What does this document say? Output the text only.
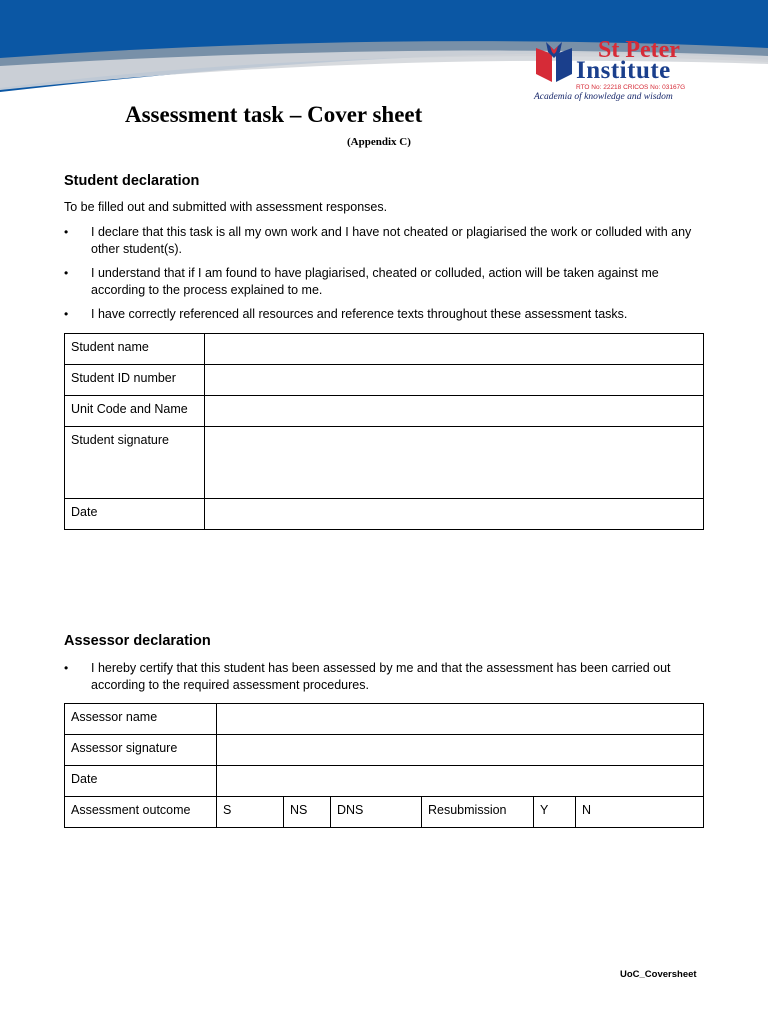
St Peter
Institute
RTO No: 22218 CRICOS No: 03167G
Academia of knowledge and wisdom
Assessment task – Cover sheet
(Appendix C)
Student declaration
To be filled out and submitted with assessment responses.
• I declare that this task is all my own work and I have not cheated or plagiarised the work or colluded with any other student(s).
• I understand that if I am found to have plagiarised, cheated or colluded, action will be taken against me according to the process explained to me.
• I have correctly referenced all resources and reference texts throughout these assessment tasks.
Student name	
Student ID number	
Unit Code and Name	
Student signature	
Date	
Assessor declaration
• I hereby certify that this student has been assessed by me and that the assessment has been carried out according to the required assessment procedures.
Assessor name						
Assessor signature						
Date						
Assessment outcome	S	NS	DNS	Resubmission	Y	N
UoC_Coversheet
